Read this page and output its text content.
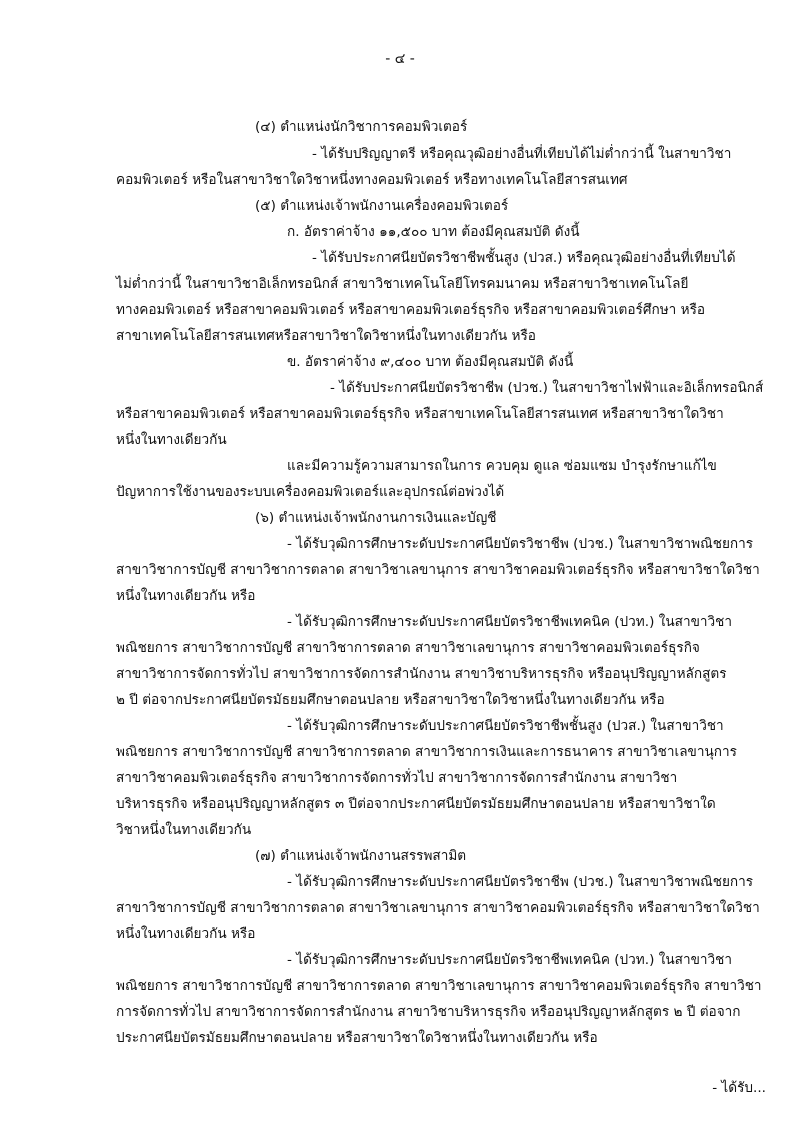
- ๔ -
(๔) ตำแหน่งนักวิชาการคอมพิวเตอร์
- ได้รับปริญญาตรี หรือคุณวุฒิอย่างอื่นที่เทียบได้ไม่ต่ำกว่านี้ ในสาขาวิชา
คอมพิวเตอร์ หรือในสาขาวิชาใดวิชาหนึ่งทางคอมพิวเตอร์ หรือทางเทคโนโลยีสารสนเทศ
(๕) ตำแหน่งเจ้าพนักงานเครื่องคอมพิวเตอร์
ก. อัตราค่าจ้าง ๑๑,๕๐๐ บาท ต้องมีคุณสมบัติ ดังนี้
- ได้รับประกาศนียบัตรวิชาชีพชั้นสูง (ปวส.) หรือคุณวุฒิอย่างอื่นที่เทียบได้
ไม่ต่ำกว่านี้ ในสาขาวิชาอิเล็กทรอนิกส์ สาขาวิชาเทคโนโลยีโทรคมนาคม หรือสาขาวิชาเทคโนโลยี
ทางคอมพิวเตอร์ หรือสาขาคอมพิวเตอร์ หรือสาขาคอมพิวเตอร์ธุรกิจ หรือสาขาคอมพิวเตอร์ศึกษา หรือ
สาขาเทคโนโลยีสารสนเทศหรือสาขาวิชาใดวิชาหนึ่งในทางเดียวกัน หรือ
ข. อัตราค่าจ้าง ๙,๔๐๐ บาท ต้องมีคุณสมบัติ ดังนี้
- ได้รับประกาศนียบัตรวิชาชีพ (ปวช.) ในสาขาวิชาไฟฟ้าและอิเล็กทรอนิกส์
หรือสาขาคอมพิวเตอร์ หรือสาขาคอมพิวเตอร์ธุรกิจ หรือสาขาเทคโนโลยีสารสนเทศ หรือสาขาวิชาใดวิชา
หนึ่งในทางเดียวกัน
และมีความรู้ความสามารถในการ ควบคุม ดูแล ซ่อมแซม บำรุงรักษาแก้ไข
ปัญหาการใช้งานของระบบเครื่องคอมพิวเตอร์และอุปกรณ์ต่อพ่วงได้
(๖) ตำแหน่งเจ้าพนักงานการเงินและบัญชี
- ได้รับวุฒิการศึกษาระดับประกาศนียบัตรวิชาชีพ (ปวช.) ในสาขาวิชาพณิชยการ
สาขาวิชาการบัญชี สาขาวิชาการตลาด สาขาวิชาเลขานุการ สาขาวิชาคอมพิวเตอร์ธุรกิจ หรือสาขาวิชาใดวิชา
หนึ่งในทางเดียวกัน หรือ
- ได้รับวุฒิการศึกษาระดับประกาศนียบัตรวิชาชีพเทคนิค (ปวท.) ในสาขาวิชา
พณิชยการ สาขาวิชาการบัญชี สาขาวิชาการตลาด สาขาวิชาเลขานุการ สาขาวิชาคอมพิวเตอร์ธุรกิจ
สาขาวิชาการจัดการทั่วไป สาขาวิชาการจัดการสำนักงาน สาขาวิชาบริหารธุรกิจ หรืออนุปริญญาหลักสูตร
๒ ปี ต่อจากประกาศนียบัตรมัธยมศึกษาตอนปลาย หรือสาขาวิชาใดวิชาหนึ่งในทางเดียวกัน หรือ
- ได้รับวุฒิการศึกษาระดับประกาศนียบัตรวิชาชีพชั้นสูง (ปวส.) ในสาขาวิชา
พณิชยการ สาขาวิชาการบัญชี สาขาวิชาการตลาด สาขาวิชาการเงินและการธนาคาร สาขาวิชาเลขานุการ
สาขาวิชาคอมพิวเตอร์ธุรกิจ สาขาวิชาการจัดการทั่วไป สาขาวิชาการจัดการสำนักงาน สาขาวิชา
บริหารธุรกิจ หรืออนุปริญญาหลักสูตร ๓ ปีต่อจากประกาศนียบัตรมัธยมศึกษาตอนปลาย หรือสาขาวิชาใด
วิชาหนึ่งในทางเดียวกัน
(๗) ตำแหน่งเจ้าพนักงานสรรพสามิต
- ได้รับวุฒิการศึกษาระดับประกาศนียบัตรวิชาชีพ (ปวช.) ในสาขาวิชาพณิชยการ
สาขาวิชาการบัญชี สาขาวิชาการตลาด สาขาวิชาเลขานุการ สาขาวิชาคอมพิวเตอร์ธุรกิจ หรือสาขาวิชาใดวิชา
หนึ่งในทางเดียวกัน หรือ
- ได้รับวุฒิการศึกษาระดับประกาศนียบัตรวิชาชีพเทคนิค (ปวท.) ในสาขาวิชา
พณิชยการ สาขาวิชาการบัญชี สาขาวิชาการตลาด สาขาวิชาเลขานุการ สาขาวิชาคอมพิวเตอร์ธุรกิจ สาขาวิชา
การจัดการทั่วไป สาขาวิชาการจัดการสำนักงาน สาขาวิชาบริหารธุรกิจ หรืออนุปริญญาหลักสูตร ๒ ปี ต่อจาก
ประกาศนียบัตรมัธยมศึกษาตอนปลาย หรือสาขาวิชาใดวิชาหนึ่งในทางเดียวกัน หรือ
- ได้รับ...
